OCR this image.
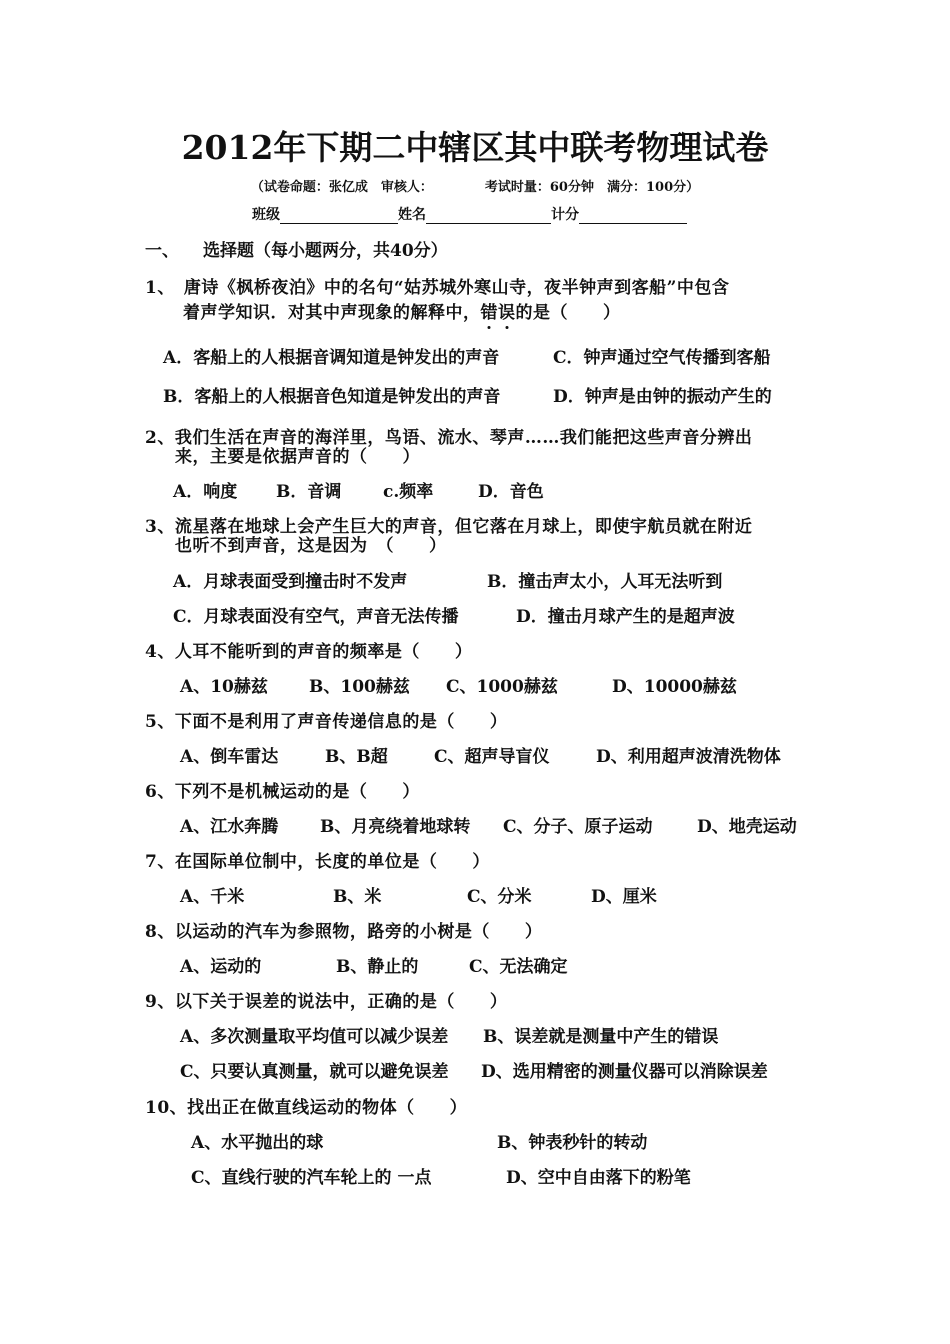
2012年下期二中辖区其中联考物理试卷
（试卷命题：张亿成　审核人：	考试时量：60分钟　满分：100分）
班级	姓名	计分
一、 选择题（每小题两分，共40分）
1、　唐诗《枫桥夜泊》中的名句“姑苏城外寒山寺，夜半钟声到客船”中包含
着声学知识．对其中声现象的解释中，错误的是（　　）
A．客船上的人根据音调知道是钟发出的声音	C．钟声通过空气传播到客船
B．客船上的人根据音色知道是钟发出的声音	D．钟声是由钟的振动产生的
2、我们生活在声音的海洋里，鸟语、流水、琴声……我们能把这些声音分辨出
来，主要是依据声音的（　　）
A．响度 B．音调 c.频率	D．音色
3、流星落在地球上会产生巨大的声音，但它落在月球上，即使宇航员就在附近
也听不到声音，这是因为　（　　）
A．月球表面受到撞击时不发声	B．撞击声太小，人耳无法听到
C．月球表面没有空气，声音无法传播	D．撞击月球产生的是超声波
4、人耳不能听到的声音的频率是（　　）
A、10赫兹 B、100赫兹 C、1000赫兹	D、10000赫兹
5、下面不是利用了声音传递信息的是（　　）
A、倒车雷达	B、B超	C、超声导盲仪	D、利用超声波清洗物体
6、下列不是机械运动的是（　　）
A、江水奔腾 B、月亮绕着地球转 C、分子、原子运动	D、地壳运动
7、在国际单位制中，长度的单位是（　　）
A、千米	B、米	C、分米	D、厘米
8、以运动的汽车为参照物，路旁的小树是（　　）
A、运动的	B、静止的	C、无法确定
9、以下关于误差的说法中，正确的是（　　）
A、多次测量取平均值可以减少误差 B、误差就是测量中产生的错误
C、只要认真测量，就可以避免误差 D、选用精密的测量仪器可以消除误差
10、找出正在做直线运动的物体（　　）
A、水平抛出的球	B、钟表秒针的转动
C、直线行驶的汽车轮上的 一点	D、空中自由落下的粉笔
